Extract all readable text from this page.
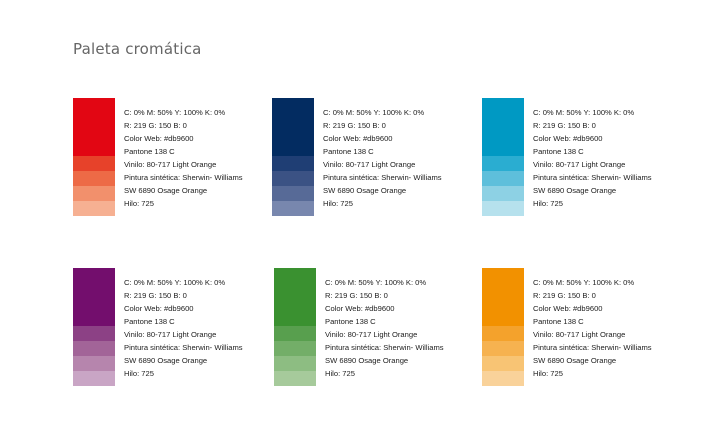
Paleta cromática
C: 0% M: 50% Y: 100% K: 0%
R: 219 G: 150 B: 0
Color Web: #db9600
Pantone 138 C
Vinilo: 80-717 Light Orange
Pintura sintética: Sherwin- Williams
SW 6890 Osage Orange
Hilo: 725
C: 0% M: 50% Y: 100% K: 0%
R: 219 G: 150 B: 0
Color Web: #db9600
Pantone 138 C
Vinilo: 80-717 Light Orange
Pintura sintética: Sherwin- Williams
SW 6890 Osage Orange
Hilo: 725
C: 0% M: 50% Y: 100% K: 0%
R: 219 G: 150 B: 0
Color Web: #db9600
Pantone 138 C
Vinilo: 80-717 Light Orange
Pintura sintética: Sherwin- Williams
SW 6890 Osage Orange
Hilo: 725
C: 0% M: 50% Y: 100% K: 0%
R: 219 G: 150 B: 0
Color Web: #db9600
Pantone 138 C
Vinilo: 80-717 Light Orange
Pintura sintética: Sherwin- Williams
SW 6890 Osage Orange
Hilo: 725
C: 0% M: 50% Y: 100% K: 0%
R: 219 G: 150 B: 0
Color Web: #db9600
Pantone 138 C
Vinilo: 80-717 Light Orange
Pintura sintética: Sherwin- Williams
SW 6890 Osage Orange
Hilo: 725
C: 0% M: 50% Y: 100% K: 0%
R: 219 G: 150 B: 0
Color Web: #db9600
Pantone 138 C
Vinilo: 80-717 Light Orange
Pintura sintética: Sherwin- Williams
SW 6890 Osage Orange
Hilo: 725
